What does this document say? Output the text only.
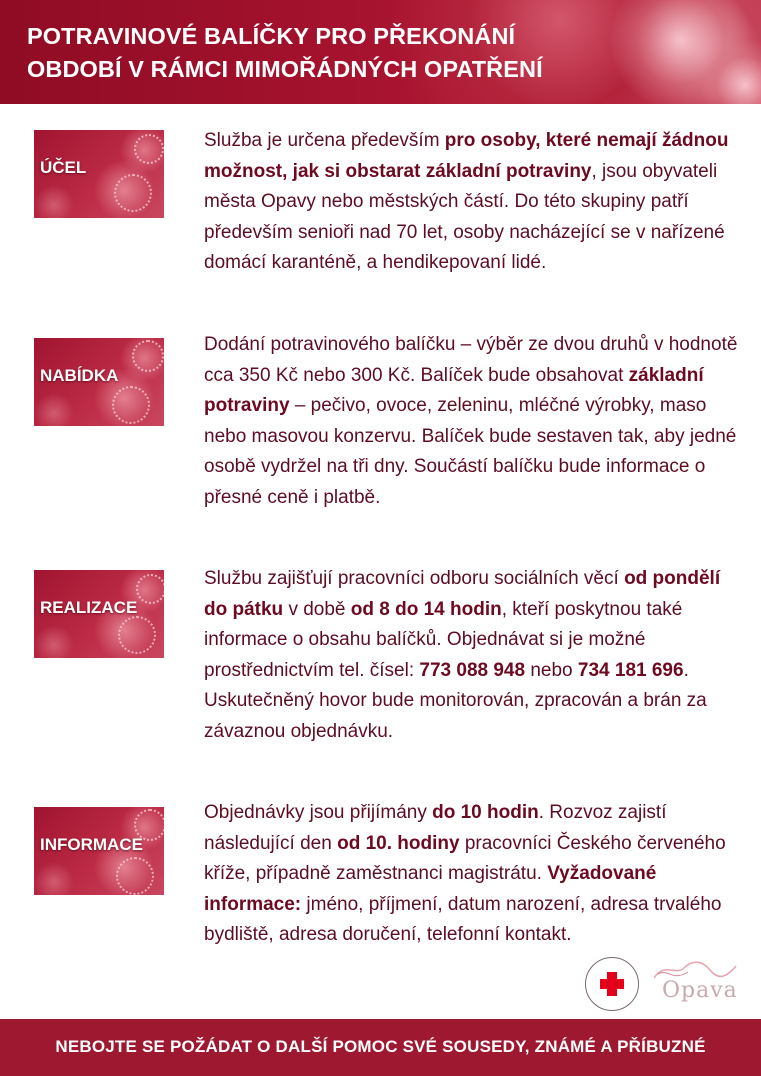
POTRAVINOVÉ BALÍČKY PRO PŘEKONÁNÍ
OBDOBÍ V RÁMCI MIMOŘÁDNÝCH OPATŘENÍ
ÚČEL

Služba je určena především pro osoby, které nemají žádnou možnost, jak si obstarat základní potraviny, jsou obyvateli města Opavy nebo městských částí. Do této skupiny patří především senioři nad 70 let, osoby nacházející se v nařízené domácí karanténě, a hendikepovaní lidé.

NABÍDKA

Dodání potravinového balíčku – výběr ze dvou druhů v hodnotě cca 350 Kč nebo 300 Kč. Balíček bude obsahovat základní potraviny – pečivo, ovoce, zeleninu, mléčné výrobky, maso nebo masovou konzervu. Balíček bude sestaven tak, aby jedné osobě vydržel na tři dny. Součástí balíčku bude informace o přesné ceně i platbě.

REALIZACE

Službu zajišťují pracovníci odboru sociálních věcí od pondělí do pátku v době od 8 do 14 hodin, kteří poskytnou také informace o obsahu balíčků. Objednávat si je možné prostřednictvím tel. čísel: 773 088 948 nebo 734 181 696. Uskutečněný hovor bude monitorován, zpracován a brán za závaznou objednávku.

INFORMACE

Objednávky jsou přijímány do 10 hodin. Rozvoz zajistí následující den od 10. hodiny pracovníci Českého červeného kříže, případně zaměstnanci magistrátu. Vyžadované informace: jméno, příjmení, datum narození, adresa trvalého bydliště, adresa doručení, telefonní kontakt.

Opava

NEBOJTE SE POŽÁDAT O DALŠÍ POMOC SVÉ SOUSEDY, ZNÁMÉ A PŘÍBUZNÉ
